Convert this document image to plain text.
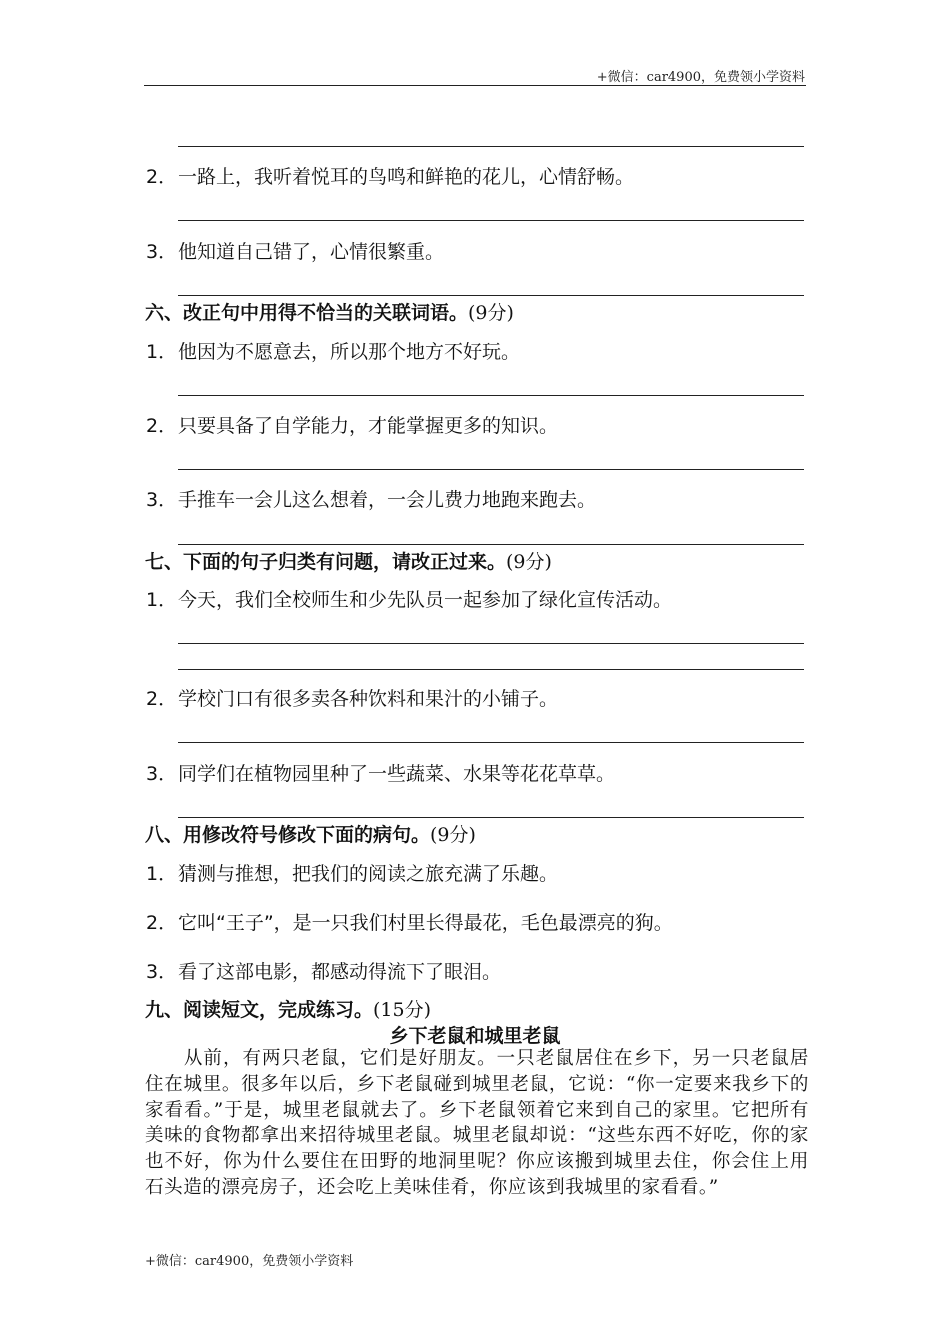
+微信：car4900，免费领小学资料
2．一路上，我听着悦耳的鸟鸣和鲜艳的花儿，心情舒畅。
3．他知道自己错了，心情很繁重。
六、改正句中用得不恰当的关联词语。(9分)
1．他因为不愿意去，所以那个地方不好玩。
2．只要具备了自学能力，才能掌握更多的知识。
3．手推车一会儿这么想着，一会儿费力地跑来跑去。
七、下面的句子归类有问题，请改正过来。(9分)
1．今天，我们全校师生和少先队员一起参加了绿化宣传活动。
2．学校门口有很多卖各种饮料和果汁的小铺子。
3．同学们在植物园里种了一些蔬菜、水果等花花草草。
八、用修改符号修改下面的病句。(9分)
1．猜测与推想，把我们的阅读之旅充满了乐趣。
2．它叫“王子”，是一只我们村里长得最花，毛色最漂亮的狗。
3．看了这部电影，都感动得流下了眼泪。
九、阅读短文，完成练习。(15分)
乡下老鼠和城里老鼠

从前，有两只老鼠，它们是好朋友。一只老鼠居住在乡下，另一只老鼠居住在城里。很多年以后，乡下老鼠碰到城里老鼠，它说：“你一定要来我乡下的家看看。”于是，城里老鼠就去了。乡下老鼠领着它来到自己的家里。它把所有美味的食物都拿出来招待城里老鼠。城里老鼠却说：“这些东西不好吃，你的家也不好，你为什么要住在田野的地洞里呢？你应该搬到城里去住，你会住上用石头造的漂亮房子，还会吃上美味佳肴，你应该到我城里的家看看。”

+微信：car4900，免费领小学资料
